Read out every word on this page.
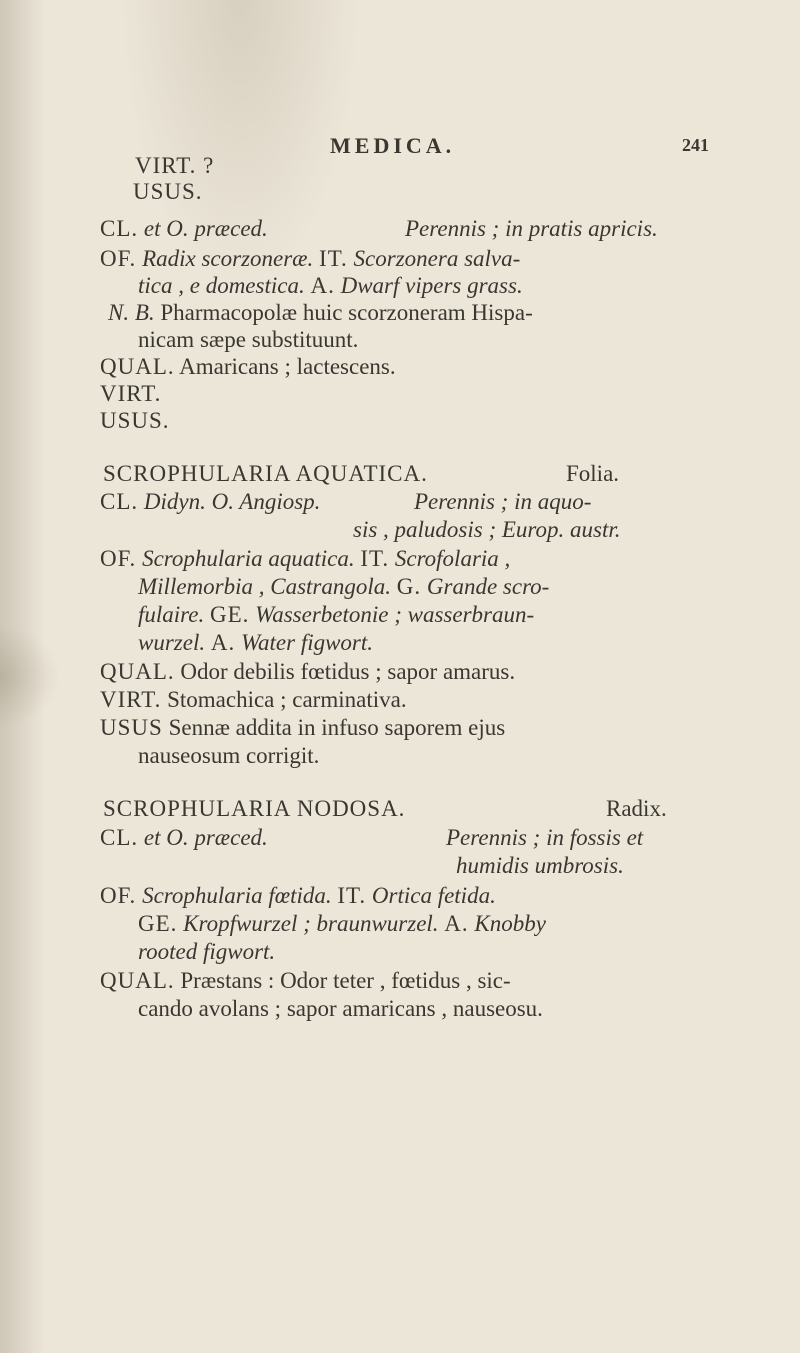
MEDICA.	241
VIRT. ?
USUS.
CL. et O. præced.	Perennis ; in pratis apricis.
OF. Radix scorzoneræ. IT. Scorzonera salva-
tica , e domestica. A. Dwarf vipers grass.
N. B. Pharmacopolæ huic scorzoneram Hispa-
nicam sæpe substituunt.
QUAL. Amaricans ; lactescens.
VIRT.
USUS.
SCROPHULARIA AQUATICA.	Folia.
CL. Didyn. O. Angiosp.	Perennis ; in aquo-
sis , paludosis ; Europ. austr.
OF. Scrophularia aquatica. IT. Scrofolaria ,
Millemorbia , Castrangola. G. Grande scro-
fulaire. GE. Wasserbetonie ; wasserbraun-
wurzel. A. Water figwort.
QUAL. Odor debilis fœtidus ; sapor amarus.
VIRT. Stomachica ; carminativa.
USUS Sennæ addita in infuso saporem ejus
nauseosum corrigit.
SCROPHULARIA NODOSA.	Radix.
CL. et O. præced.	Perennis ; in fossis et
humidis umbrosis.
OF. Scrophularia fœtida. IT. Ortica fetida.
GE. Kropfwurzel ; braunwurzel. A. Knobby
rooted figwort.
QUAL. Præstans : Odor teter , fœtidus , sic-
cando avolans ; sapor amaricans , nauseosu.
